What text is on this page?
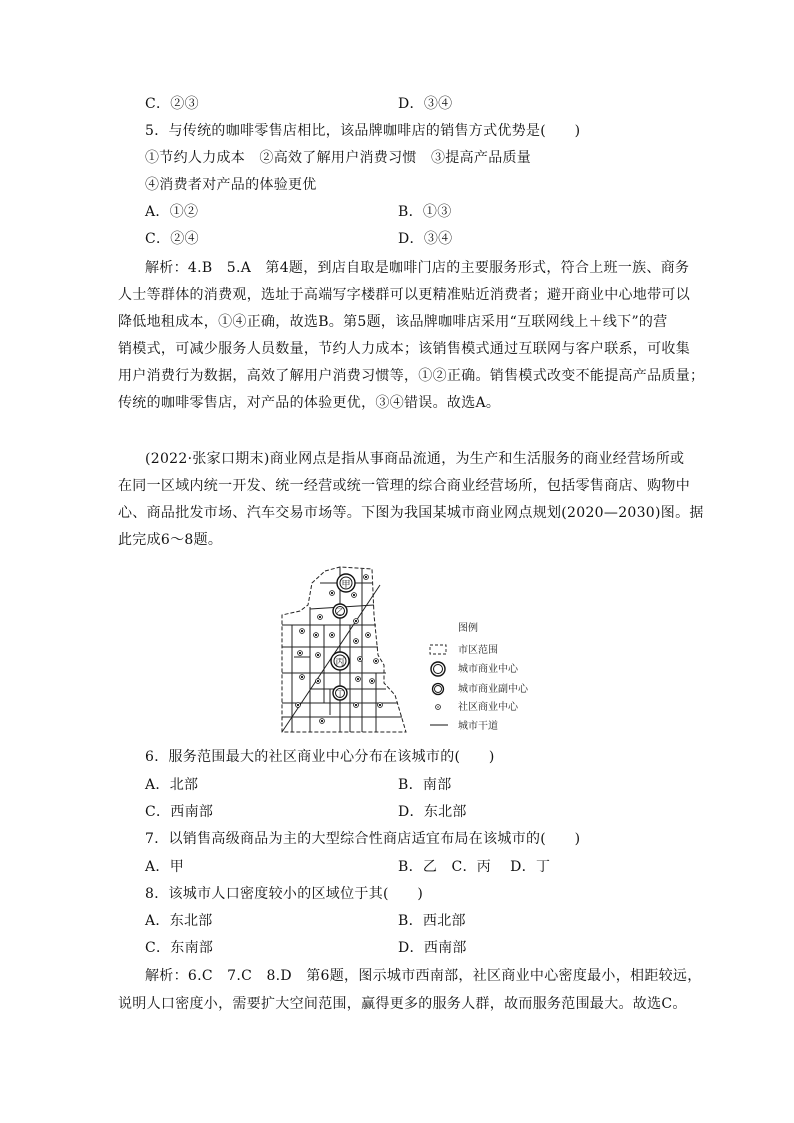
C．②③	D．③④
5．与传统的咖啡零售店相比，该品牌咖啡店的销售方式优势是(　　)
①节约人力成本　②高效了解用户消费习惯　③提高产品质量
④消费者对产品的体验更优
A．①②	B．①③
C．②④	D．③④
解析：4.B　5.A　第4题，到店自取是咖啡门店的主要服务形式，符合上班一族、商务
人士等群体的消费观，选址于高端写字楼群可以更精准贴近消费者；避开商业中心地带可以
降低地租成本，①④正确，故选B。第5题，该品牌咖啡店采用“互联网线上＋线下”的营
销模式，可减少服务人员数量，节约人力成本；该销售模式通过互联网与客户联系，可收集
用户消费行为数据，高效了解用户消费习惯等，①②正确。销售模式改变不能提高产品质量；
传统的咖啡零售店，对产品的体验更优，③④错误。故选A。
(2022·张家口期末)商业网点是指从事商品流通，为生产和生活服务的商业经营场所或
在同一区域内统一开发、统一经营或统一管理的综合商业经营场所，包括零售商店、购物中
心、商品批发市场、汽车交易市场等。下图为我国某城市商业网点规划(2020—2030)图。据
此完成6～8题。
甲
乙
丙
丁
图例
市区范围
城市商业中心
城市商业副中心
社区商业中心
城市干道
6．服务范围最大的社区商业中心分布在该城市的(　　)
A．北部	B．南部
C．西南部	D．东北部
7．以销售高级商品为主的大型综合性商店适宜布局在该城市的(　　)
A．甲	B．乙　C．丙　 D．丁
8．该城市人口密度较小的区域位于其(　　)
A．东北部	B．西北部
C．东南部	D．西南部
解析：6.C　7.C　8.D　第6题，图示城市西南部，社区商业中心密度最小，相距较远，
说明人口密度小，需要扩大空间范围，赢得更多的服务人群，故而服务范围最大。故选C。
